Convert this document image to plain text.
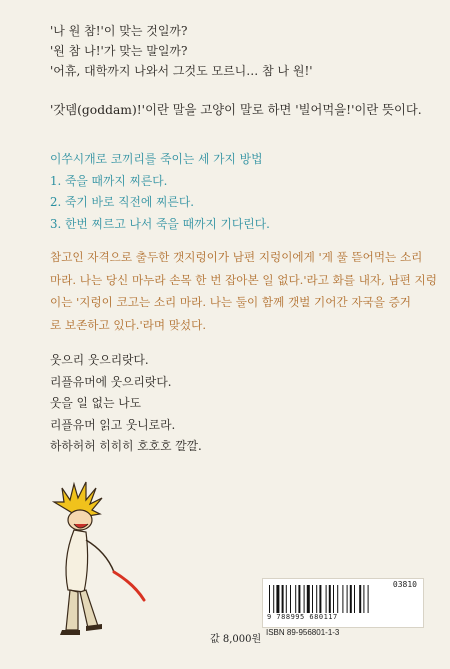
'나 원 참!'이 맞는 것일까?
'원 참 나!'가 맞는 말일까?
'어휴, 대학까지 나와서 그것도 모르니… 참 나 원!'
'갓뎀(goddam)!'이란 말을 고양이 말로 하면 '빌어먹을!'이란 뜻이다.
이쑤시개로 코끼리를 죽이는 세 가지 방법
1. 죽을 때까지 찌른다.
2. 죽기 바로 직전에 찌른다.
3. 한번 찌르고 나서 죽을 때까지 기다린다.
참고인 자격으로 출두한 갯지렁이가 남편 지렁이에게 '게 풀 뜯어먹는 소리
마라. 나는 당신 마누라 손목 한 번 잡아본 일 없다.'라고 화를 내자, 남편 지렁
이는 '지렁이 코고는 소리 마라. 나는 둘이 함께 갯벌 기어간 자국을 증거
로 보존하고 있다.'라며 맞섰다.
웃으리 웃으리랏다.
리플유머에 웃으리랏다.
웃을 일 없는 나도
리플유머 읽고 웃니로라.
하하허허 히히히 호호호 깔깔.
03810
9 788995 680117
ISBN 89-956801-1-3
값 8,000원
